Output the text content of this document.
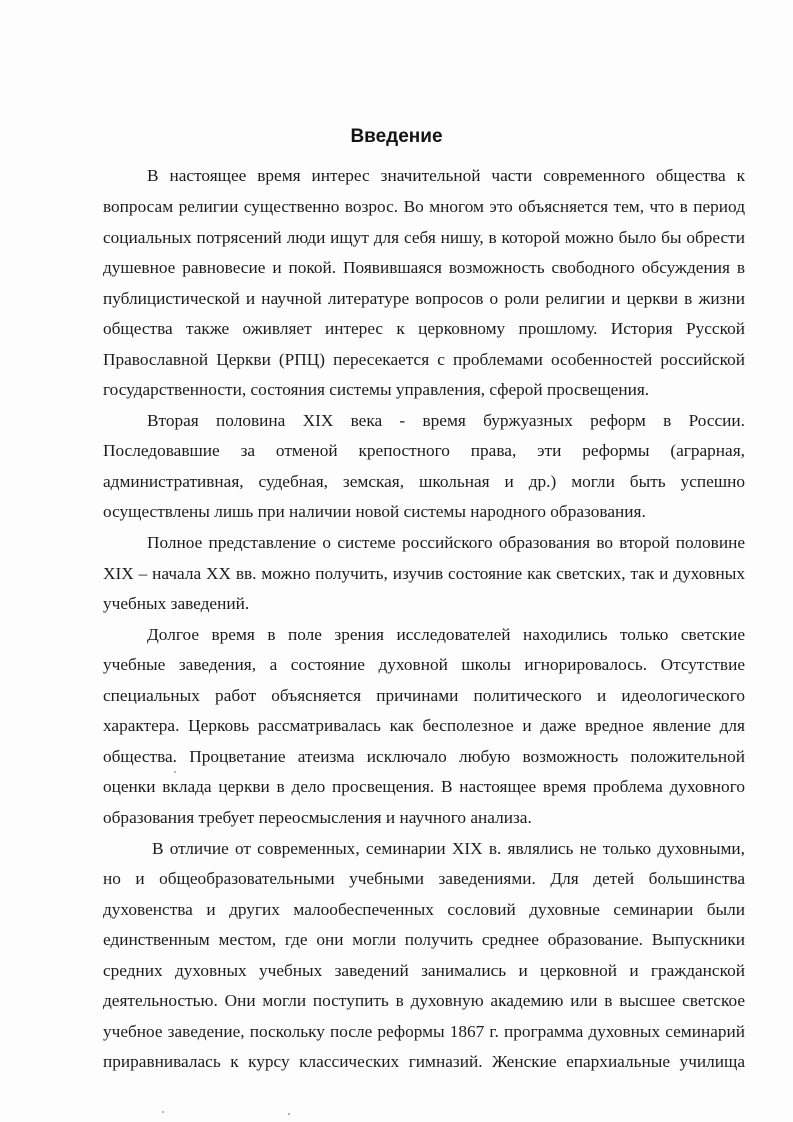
Введение
В настоящее время интерес значительной части современного общества к
вопросам религии существенно возрос. Во многом это объясняется тем, что в период
социальных потрясений люди ищут для себя нишу, в которой можно было бы обрести
душевное равновесие и покой. Появившаяся возможность свободного обсуждения в
публицистической и научной литературе вопросов о роли религии и церкви в жизни
общества также оживляет интерес к церковному прошлому. История Русской
Православной Церкви (РПЦ) пересекается с проблемами особенностей российской
государственности, состояния системы управления, сферой просвещения.
Вторая половина XIX века - время буржуазных реформ в России.
Последовавшие за отменой крепостного права, эти реформы (аграрная,
административная, судебная, земская, школьная и др.) могли быть успешно
осуществлены лишь при наличии новой системы народного образования.
Полное представление о системе российского образования во второй половине
XIX – начала XX вв. можно получить, изучив состояние как светских, так и духовных
учебных заведений.
Долгое время в поле зрения исследователей находились только светские
учебные заведения, а состояние духовной школы игнорировалось. Отсутствие
специальных работ объясняется причинами политического и идеологического
характера. Церковь рассматривалась как бесполезное и даже вредное явление для
общества. Процветание атеизма исключало любую возможность положительной
оценки вклада церкви в дело просвещения. В настоящее время проблема духовного
образования требует переосмысления и научного анализа.
В отличие от современных, семинарии XIX в. являлись не только духовными,
но и общеобразовательными учебными заведениями. Для детей большинства
духовенства и других малообеспеченных сословий духовные семинарии были
единственным местом, где они могли получить среднее образование. Выпускники
средних духовных учебных заведений занимались и церковной и гражданской
деятельностью. Они могли поступить в духовную академию или в высшее светское
учебное заведение, поскольку после реформы 1867 г. программа духовных семинарий
приравнивалась к курсу классических гимназий. Женские епархиальные училища
